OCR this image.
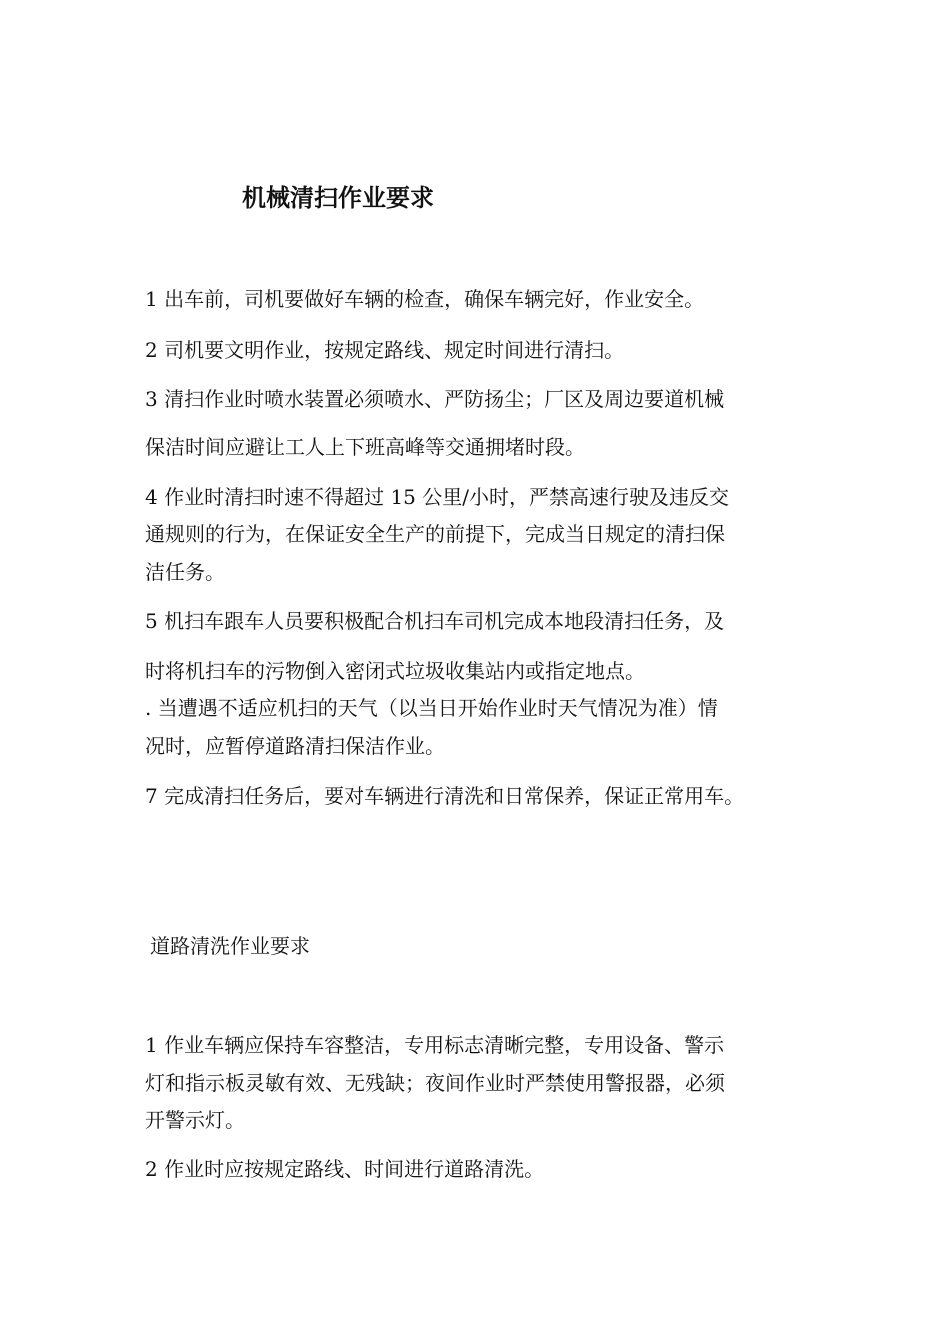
机械清扫作业要求
1 出车前，司机要做好车辆的检查，确保车辆完好，作业安全。
2 司机要文明作业，按规定路线、规定时间进行清扫。
3 清扫作业时喷水装置必须喷水、严防扬尘；厂区及周边要道机械
保洁时间应避让工人上下班高峰等交通拥堵时段。
4 作业时清扫时速不得超过 15 公里/小时，严禁高速行驶及违反交
通规则的行为，在保证安全生产的前提下，完成当日规定的清扫保
洁任务。
5 机扫车跟车人员要积极配合机扫车司机完成本地段清扫任务，及
时将机扫车的污物倒入密闭式垃圾收集站内或指定地点。
. 当遭遇不适应机扫的天气（以当日开始作业时天气情况为准）情
况时，应暂停道路清扫保洁作业。
7 完成清扫任务后，要对车辆进行清洗和日常保养，保证正常用车。
道路清洗作业要求
1 作业车辆应保持车容整洁，专用标志清晰完整，专用设备、警示
灯和指示板灵敏有效、无残缺；夜间作业时严禁使用警报器，必须
开警示灯。
2 作业时应按规定路线、时间进行道路清洗。
